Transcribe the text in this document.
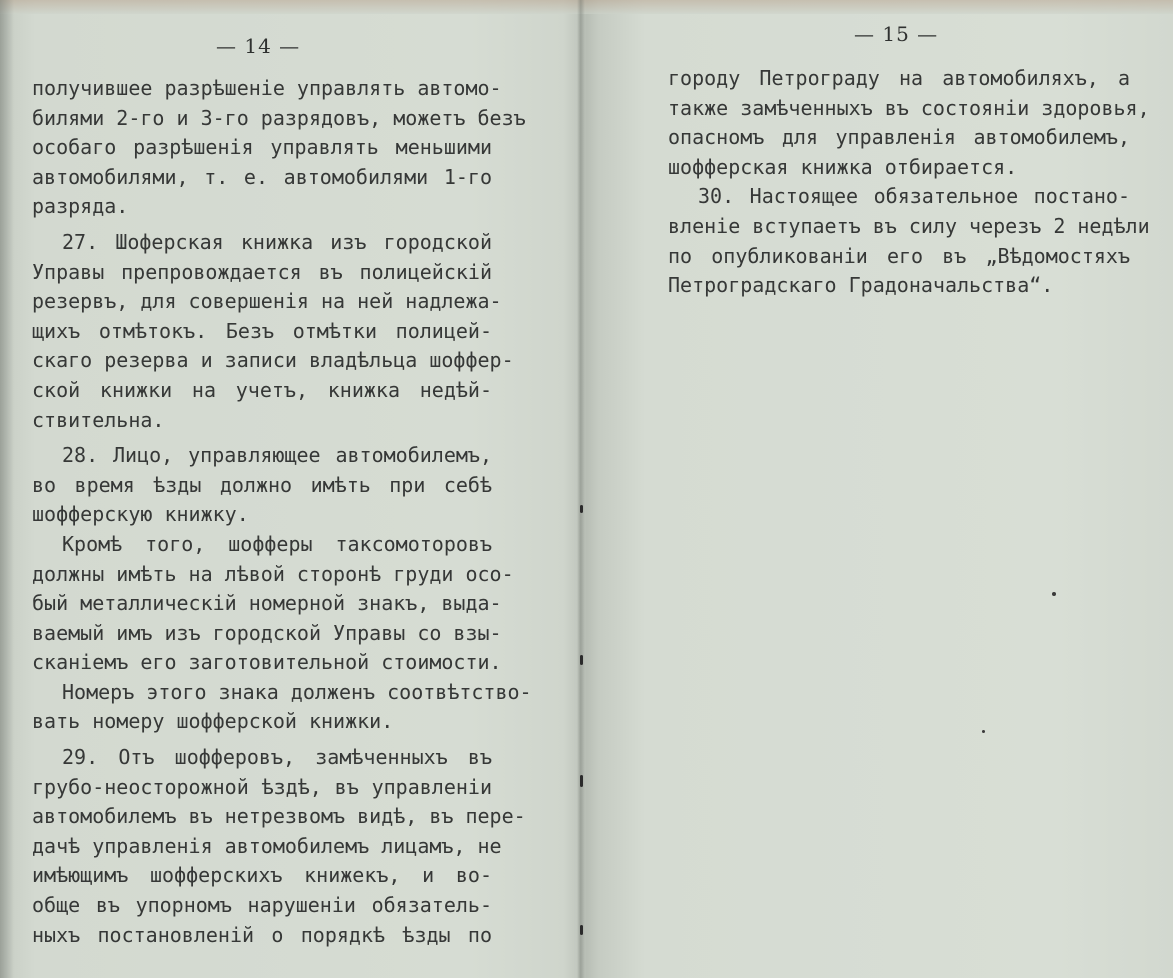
— 14 —
получившее разрѣшеніе управлять автомо-
билями 2-го и 3-го разрядовъ, можетъ безъ
особаго разрѣшенія управлять меньшими
автомобилями, т. е. автомобилями 1-го
разряда.
27. Шоферская книжка изъ городской
Управы препровождается въ полицейскій
резервъ, для совершенія на ней надлежа-
щихъ отмѣтокъ. Безъ отмѣтки полицей-
скаго резерва и записи владѣльца шоффер-
ской книжки на учетъ, книжка недѣй-
ствительна.
28. Лицо, управляющее автомобилемъ,
во время ѣзды должно имѣть при себѣ
шофферскую книжку.
Кромѣ того, шофферы таксомоторовъ
должны имѣть на лѣвой сторонѣ груди осо-
бый металлическій номерной знакъ, выда-
ваемый имъ изъ городской Управы со взы-
сканіемъ его заготовительной стоимости.
Номеръ этого знака долженъ соотвѣтство-
вать номеру шофферской книжки.
29. Отъ шофферовъ, замѣченныхъ въ
грубо-неосторожной ѣздѣ, въ управленіи
автомобилемъ въ нетрезвомъ видѣ, въ пере-
дачѣ управленія автомобилемъ лицамъ, не
имѣющимъ шофферскихъ книжекъ, и во-
обще въ упорномъ нарушеніи обязатель-
ныхъ постановленій о порядкѣ ѣзды по
— 15 —
городу Петрограду на автомобиляхъ, а
также замѣченныхъ въ состояніи здоровья,
опасномъ для управленія автомобилемъ,
шофферская книжка отбирается.
30. Настоящее обязательное постано-
вленіе вступаетъ въ силу черезъ 2 недѣли
по опубликованіи его въ „Вѣдомостяхъ
Петроградскаго Градоначальства“.
